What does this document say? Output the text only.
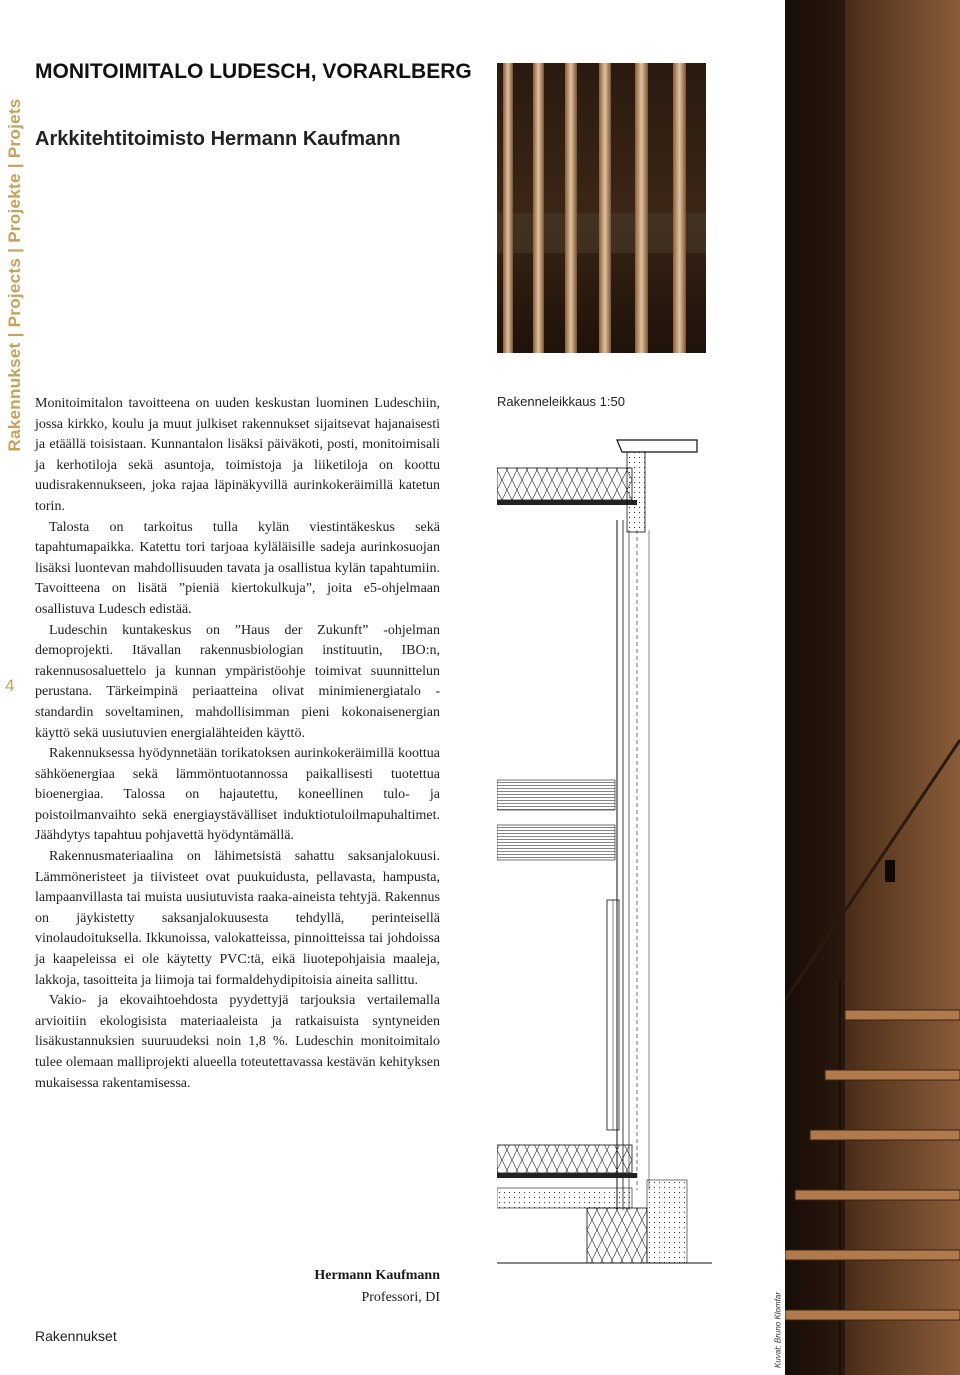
Rakennukset | Projects | Projekte | Projets
4
MONITOIMITALO LUDESCH, VORARLBERG
Arkkitehtitoimisto Hermann Kaufmann

Monitoimitalon tavoitteena on uuden keskustan luominen Ludeschiin, jossa kirkko, koulu ja muut julkiset rakennukset sijaitsevat hajanaisesti ja etäällä toisistaan. Kunnantalon lisäksi päiväkoti, posti, monitoimisali ja kerhotiloja sekä asuntoja, toimistoja ja liiketiloja on koottu uudisrakennukseen, joka rajaa läpinäkyvillä aurinkokeräimillä katetun torin.

Talosta on tarkoitus tulla kylän viestintäkeskus sekä tapahtumapaikka. Katettu tori tarjoaa kyläläisille sadeja aurinkosuojan lisäksi luontevan mahdollisuuden tavata ja osallistua kylän tapahtumiin. Tavoitteena on lisätä ”pieniä kiertokulkuja”, joita e5-ohjelmaan osallistuva Ludesch edistää.

Ludeschin kuntakeskus on ”Haus der Zukunft” -ohjelman demoprojekti. Itävallan rakennusbiologian instituutin, IBO:n, rakennusosaluettelo ja kunnan ympäristöohje toimivat suunnittelun perustana. Tärkeimpinä periaatteina olivat minimienergiatalo -standardin soveltaminen, mahdollisimman pieni kokonaisenergian käyttö sekä uusiutuvien energialähteiden käyttö.

Rakennuksessa hyödynnetään torikatoksen aurinkokeräimillä koottua sähköenergiaa sekä lämmöntuotannossa paikallisesti tuotettua bioenergiaa. Talossa on hajautettu, koneellinen tulo- ja poistoilmanvaihto sekä energiaystävälliset induktiotuloilmapuhaltimet. Jäähdytys tapahtuu pohjavettä hyödyntämällä.

Rakennusmateriaalina on lähimetsistä sahattu saksanjalokuusi. Lämmöneristeet ja tiivisteet ovat puukuidusta, pellavasta, hampusta, lampaanvillasta tai muista uusiutuvista raaka-aineista tehtyjä. Rakennus on jäykistetty saksanjalokuusesta tehdyllä, perinteisellä vinolaudoituksella. Ikkunoissa, valokatteissa, pinnoitteissa tai johdoissa ja kaapeleissa ei ole käytetty PVC:tä, eikä liuotepohjaisia maaleja, lakkoja, tasoitteita ja liimoja tai formaldehydipitoisia aineita sallittu.

Vakio- ja ekovaihtoehdosta pyydettyjä tarjouksia vertailemalla arvioitiin ekologisista materiaaleista ja ratkaisuista syntyneiden lisäkustannuksien suuruudeksi noin 1,8 %. Ludeschin monitoimitalo tulee olemaan malliprojekti alueella toteutettavassa kestävän kehityksen mukaisessa rakentamisessa.

Hermann Kaufmann
Professori, DI
Rakennukset
Rakenneleikkaus 1:50
Kuvat: Bruno Klomfar
